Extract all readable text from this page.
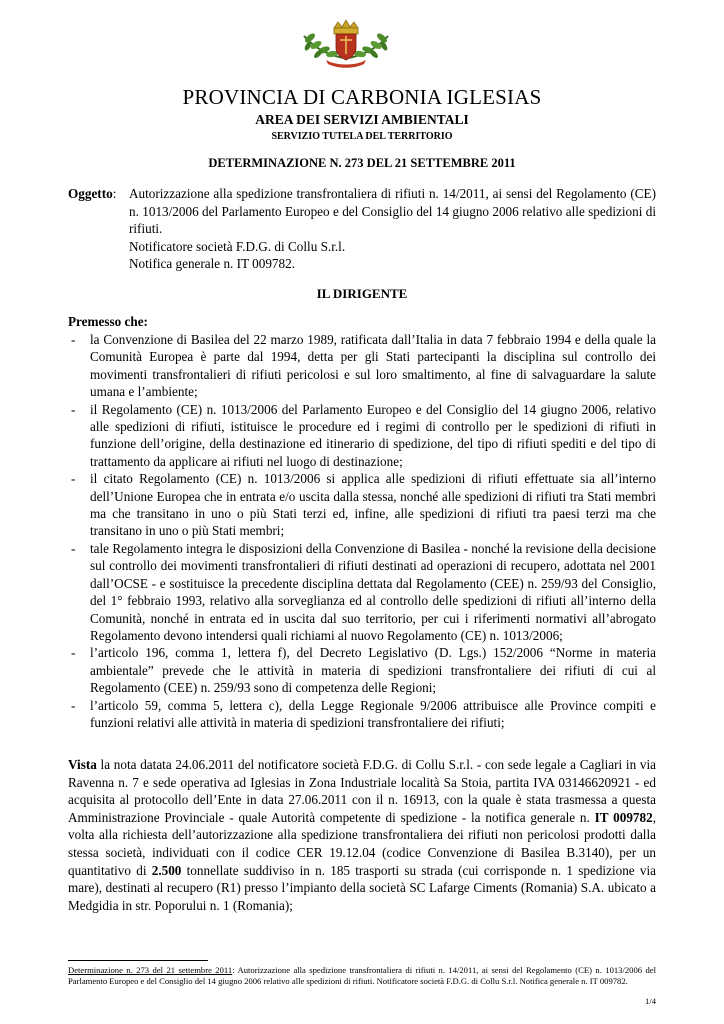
PROVINCIA DI CARBONIA IGLESIAS
AREA DEI SERVIZI AMBIENTALI
SERVIZIO TUTELA DEL TERRITORIO
DETERMINAZIONE N. 273 DEL 21 SETTEMBRE 2011
Oggetto: Autorizzazione alla spedizione transfrontaliera di rifiuti n. 14/2011, ai sensi del Regolamento (CE) n. 1013/2006 del Parlamento Europeo e del Consiglio del 14 giugno 2006 relativo alle spedizioni di rifiuti.
Notificatore società F.D.G. di Collu S.r.l.
Notifica generale n. IT 009782.
IL DIRIGENTE
Premesso che:
- la Convenzione di Basilea del 22 marzo 1989, ratificata dall’Italia in data 7 febbraio 1994 e della quale la Comunità Europea è parte dal 1994, detta per gli Stati partecipanti la disciplina sul controllo dei movimenti transfrontalieri di rifiuti pericolosi e sul loro smaltimento, al fine di salvaguardare la salute umana e l’ambiente;
- il Regolamento (CE) n. 1013/2006 del Parlamento Europeo e del Consiglio del 14 giugno 2006, relativo alle spedizioni di rifiuti, istituisce le procedure ed i regimi di controllo per le spedizioni di rifiuti in funzione dell’origine, della destinazione ed itinerario di spedizione, del tipo di rifiuti spediti e del tipo di trattamento da applicare ai rifiuti nel luogo di destinazione;
- il citato Regolamento (CE) n. 1013/2006 si applica alle spedizioni di rifiuti effettuate sia all’interno dell’Unione Europea che in entrata e/o uscita dalla stessa, nonché alle spedizioni di rifiuti tra Stati membri ma che transitano in uno o più Stati terzi ed, infine, alle spedizioni di rifiuti tra paesi terzi ma che transitano in uno o più Stati membri;
- tale Regolamento integra le disposizioni della Convenzione di Basilea - nonché la revisione della decisione sul controllo dei movimenti transfrontalieri di rifiuti destinati ad operazioni di recupero, adottata nel 2001 dall’OCSE - e sostituisce la precedente disciplina dettata dal Regolamento (CEE) n. 259/93 del Consiglio, del 1° febbraio 1993, relativo alla sorveglianza ed al controllo delle spedizioni di rifiuti all’interno della Comunità, nonché in entrata ed in uscita dal suo territorio, per cui i riferimenti normativi all’abrogato Regolamento devono intendersi quali richiami al nuovo Regolamento (CE) n. 1013/2006;
- l’articolo 196, comma 1, lettera f), del Decreto Legislativo (D. Lgs.) 152/2006 “Norme in materia ambientale” prevede che le attività in materia di spedizioni transfrontaliere dei rifiuti di cui al Regolamento (CEE) n. 259/93 sono di competenza delle Regioni;
- l’articolo 59, comma 5, lettera c), della Legge Regionale 9/2006 attribuisce alle Province compiti e funzioni relativi alle attività in materia di spedizioni transfrontaliere dei rifiuti;
Vista la nota datata 24.06.2011 del notificatore società F.D.G. di Collu S.r.l. - con sede legale a Cagliari in via Ravenna n. 7 e sede operativa ad Iglesias in Zona Industriale località Sa Stoia, partita IVA 03146620921 - ed acquisita al protocollo dell’Ente in data 27.06.2011 con il n. 16913, con la quale è stata trasmessa a questa Amministrazione Provinciale - quale Autorità competente di spedizione - la notifica generale n. IT 009782, volta alla richiesta dell’autorizzazione alla spedizione transfrontaliera dei rifiuti non pericolosi prodotti dalla stessa società, individuati con il codice CER 19.12.04 (codice Convenzione di Basilea B.3140), per un quantitativo di 2.500 tonnellate suddiviso in n. 185 trasporti su strada (cui corrisponde n. 1 spedizione via mare), destinati al recupero (R1) presso l’impianto della società SC Lafarge Ciments (Romania) S.A. ubicato a Medgidia in str. Poporului n. 1 (Romania);
Determinazione n. 273 del 21 settembre 2011: Autorizzazione alla spedizione transfrontaliera di rifiuti n. 14/2011, ai sensi del Regolamento (CE) n. 1013/2006 del Parlamento Europeo e del Consiglio del 14 giugno 2006 relativo alle spedizioni di rifiuti. Notificatore società F.D.G. di Collu S.r.l. Notifica generale n. IT 009782.
1/4
